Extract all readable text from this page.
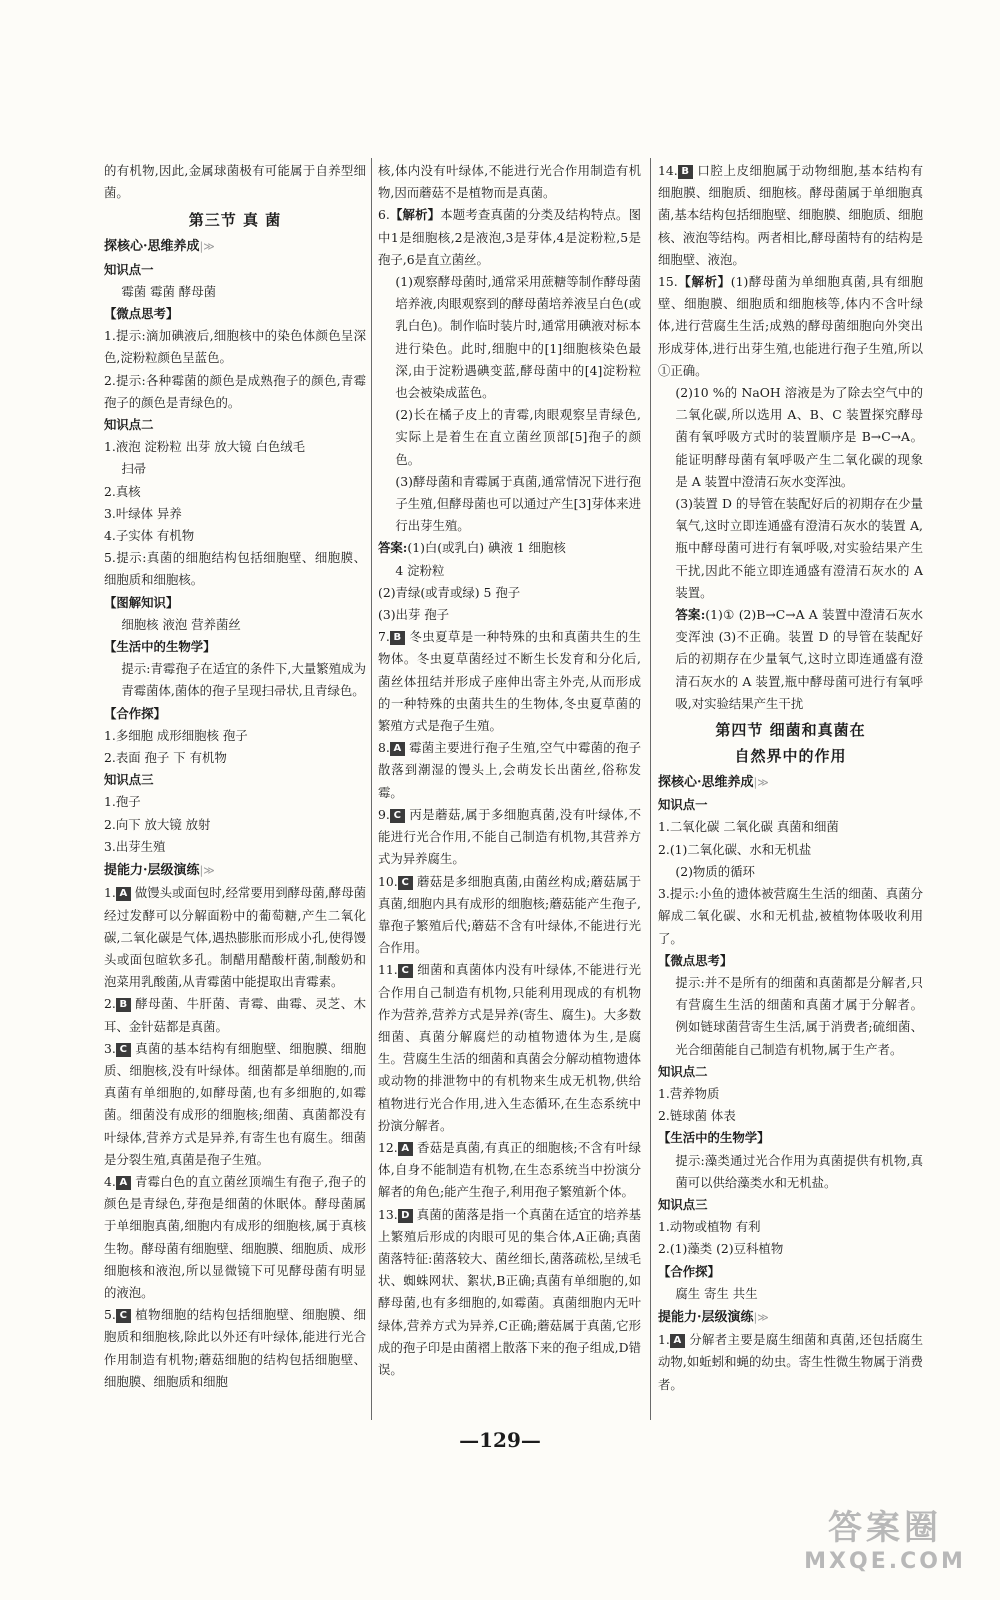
的有机物,因此,金属球菌极有可能属于自养型细菌。

第三节 真 菌
探核心·思维养成|≫
知识点一

霉菌 霉菌 酵母菌

【微点思考】

1.提示:滴加碘液后,细胞核中的染色体颜色呈深色,淀粉粒颜色呈蓝色。

2.提示:各种霉菌的颜色是成熟孢子的颜色,青霉孢子的颜色是青绿色的。

知识点二

1.液泡 淀粉粒 出芽 放大镜 白色绒毛

扫帚

2.真核

3.叶绿体 异养

4.子实体 有机物

5.提示:真菌的细胞结构包括细胞壁、细胞膜、细胞质和细胞核。

【图解知识】

细胞核 液泡 营养菌丝

【生活中的生物学】

提示:青霉孢子在适宜的条件下,大量繁殖成为青霉菌体,菌体的孢子呈现扫帚状,且青绿色。

【合作探】

1.多细胞 成形细胞核 孢子

2.表面 孢子 下 有机物

知识点三

1.孢子

2.向下 放大镜 放射

3.出芽生殖

提能力·层级演练|≫

1. A 做馒头或面包时,经常要用到酵母菌,酵母菌经过发酵可以分解面粉中的葡萄糖,产生二氧化碳,二氧化碳是气体,遇热膨胀而形成小孔,使得馒头或面包暄软多孔。制醋用醋酸杆菌,制酸奶和泡菜用乳酸菌,从青霉菌中能提取出青霉素。

2. B 酵母菌、牛肝菌、青霉、曲霉、灵芝、木耳、金针菇都是真菌。

3. C 真菌的基本结构有细胞壁、细胞膜、细胞质、细胞核,没有叶绿体。细菌都是单细胞的,而真菌有单细胞的,如酵母菌,也有多细胞的,如霉菌。细菌没有成形的细胞核;细菌、真菌都没有叶绿体,营养方式是异养,有寄生也有腐生。细菌是分裂生殖,真菌是孢子生殖。

4. A 青霉白色的直立菌丝顶端生有孢子,孢子的颜色是青绿色,芽孢是细菌的休眠体。酵母菌属于单细胞真菌,细胞内有成形的细胞核,属于真核生物。酵母菌有细胞壁、细胞膜、细胞质、成形细胞核和液泡,所以显微镜下可见酵母菌有明显的液泡。

5. C 植物细胞的结构包括细胞壁、细胞膜、细胞质和细胞核,除此以外还有叶绿体,能进行光合作用制造有机物;蘑菇细胞的结构包括细胞壁、细胞膜、细胞质和细胞

核,体内没有叶绿体,不能进行光合作用制造有机物,因而蘑菇不是植物而是真菌。

6.【解析】本题考查真菌的分类及结构特点。图中1是细胞核,2是液泡,3是芽体,4是淀粉粒,5是孢子,6是直立菌丝。

(1)观察酵母菌时,通常采用蔗糖等制作酵母菌培养液,肉眼观察到的酵母菌培养液呈白色(或乳白色)。制作临时装片时,通常用碘液对标本进行染色。此时,细胞中的[1]细胞核染色最深,由于淀粉遇碘变蓝,酵母菌中的[4]淀粉粒也会被染成蓝色。

(2)长在橘子皮上的青霉,肉眼观察呈青绿色,实际上是着生在直立菌丝顶部[5]孢子的颜色。

(3)酵母菌和青霉属于真菌,通常情况下进行孢子生殖,但酵母菌也可以通过产生[3]芽体来进行出芽生殖。

答案:(1)白(或乳白) 碘液 1 细胞核

4 淀粉粒

(2)青绿(或青或绿) 5 孢子

(3)出芽 孢子

7. B 冬虫夏草是一种特殊的虫和真菌共生的生物体。冬虫夏草菌经过不断生长发育和分化后,菌丝体扭结并形成子座伸出寄主外壳,从而形成的一种特殊的虫菌共生的生物体,冬虫夏草菌的繁殖方式是孢子生殖。

8. A 霉菌主要进行孢子生殖,空气中霉菌的孢子散落到潮湿的馒头上,会萌发长出菌丝,俗称发霉。

9. C 丙是蘑菇,属于多细胞真菌,没有叶绿体,不能进行光合作用,不能自己制造有机物,其营养方式为异养腐生。

10. C 蘑菇是多细胞真菌,由菌丝构成;蘑菇属于真菌,细胞内具有成形的细胞核;蘑菇能产生孢子,靠孢子繁殖后代;蘑菇不含有叶绿体,不能进行光合作用。

11. C 细菌和真菌体内没有叶绿体,不能进行光合作用自己制造有机物,只能利用现成的有机物作为营养,营养方式是异养(寄生、腐生)。大多数细菌、真菌分解腐烂的动植物遗体为生,是腐生。营腐生生活的细菌和真菌会分解动植物遗体或动物的排泄物中的有机物来生成无机物,供给植物进行光合作用,进入生态循环,在生态系统中扮演分解者。

12. A 香菇是真菌,有真正的细胞核;不含有叶绿体,自身不能制造有机物,在生态系统当中扮演分解者的角色;能产生孢子,利用孢子繁殖新个体。

13. D 真菌的菌落是指一个真菌在适宜的培养基上繁殖后形成的肉眼可见的集合体,A正确;真菌菌落特征:菌落较大、菌丝细长,菌落疏松,呈绒毛状、蜘蛛网状、絮状,B正确;真菌有单细胞的,如酵母菌,也有多细胞的,如霉菌。真菌细胞内无叶绿体,营养方式为异养,C正确;蘑菇属于真菌,它形成的孢子印是由菌褶上散落下来的孢子组成,D错误。

14. B 口腔上皮细胞属于动物细胞,基本结构有细胞膜、细胞质、细胞核。酵母菌属于单细胞真菌,基本结构包括细胞壁、细胞膜、细胞质、细胞核、液泡等结构。两者相比,酵母菌特有的结构是细胞壁、液泡。

15.【解析】(1)酵母菌为单细胞真菌,具有细胞壁、细胞膜、细胞质和细胞核等,体内不含叶绿体,进行营腐生生活;成熟的酵母菌细胞向外突出形成芽体,进行出芽生殖,也能进行孢子生殖,所以①正确。

(2)10 %的 NaOH 溶液是为了除去空气中的二氧化碳,所以选用 A、B、C 装置探究酵母菌有氧呼吸方式时的装置顺序是 B→C→A。能证明酵母菌有氧呼吸产生二氧化碳的现象是 A 装置中澄清石灰水变浑浊。

(3)装置 D 的导管在装配好后的初期存在少量氧气,这时立即连通盛有澄清石灰水的装置 A,瓶中酵母菌可进行有氧呼吸,对实验结果产生干扰,因此不能立即连通盛有澄清石灰水的 A 装置。

答案:(1)① (2)B→C→A A 装置中澄清石灰水变浑浊 (3)不正确。装置 D 的导管在装配好后的初期存在少量氧气,这时立即连通盛有澄清石灰水的 A 装置,瓶中酵母菌可进行有氧呼吸,对实验结果产生干扰

第四节 细菌和真菌在
自然界中的作用
探核心·思维养成|≫
知识点一

1.二氧化碳 二氧化碳 真菌和细菌

2.(1)二氧化碳、水和无机盐

(2)物质的循环

3.提示:小鱼的遗体被营腐生生活的细菌、真菌分解成二氧化碳、水和无机盐,被植物体吸收利用了。

【微点思考】

提示:并不是所有的细菌和真菌都是分解者,只有营腐生生活的细菌和真菌才属于分解者。例如链球菌营寄生生活,属于消费者;硫细菌、光合细菌能自己制造有机物,属于生产者。

知识点二

1.营养物质

2.链球菌 体表

【生活中的生物学】

提示:藻类通过光合作用为真菌提供有机物,真菌可以供给藻类水和无机盐。

知识点三

1.动物或植物 有利

2.(1)藻类 (2)豆科植物

【合作探】

腐生 寄生 共生

提能力·层级演练|≫

1. A 分解者主要是腐生细菌和真菌,还包括腐生动物,如蚯蚓和蝇的幼虫。寄生性微生物属于消费者。

—129—
答案圈
MXQE.COM
